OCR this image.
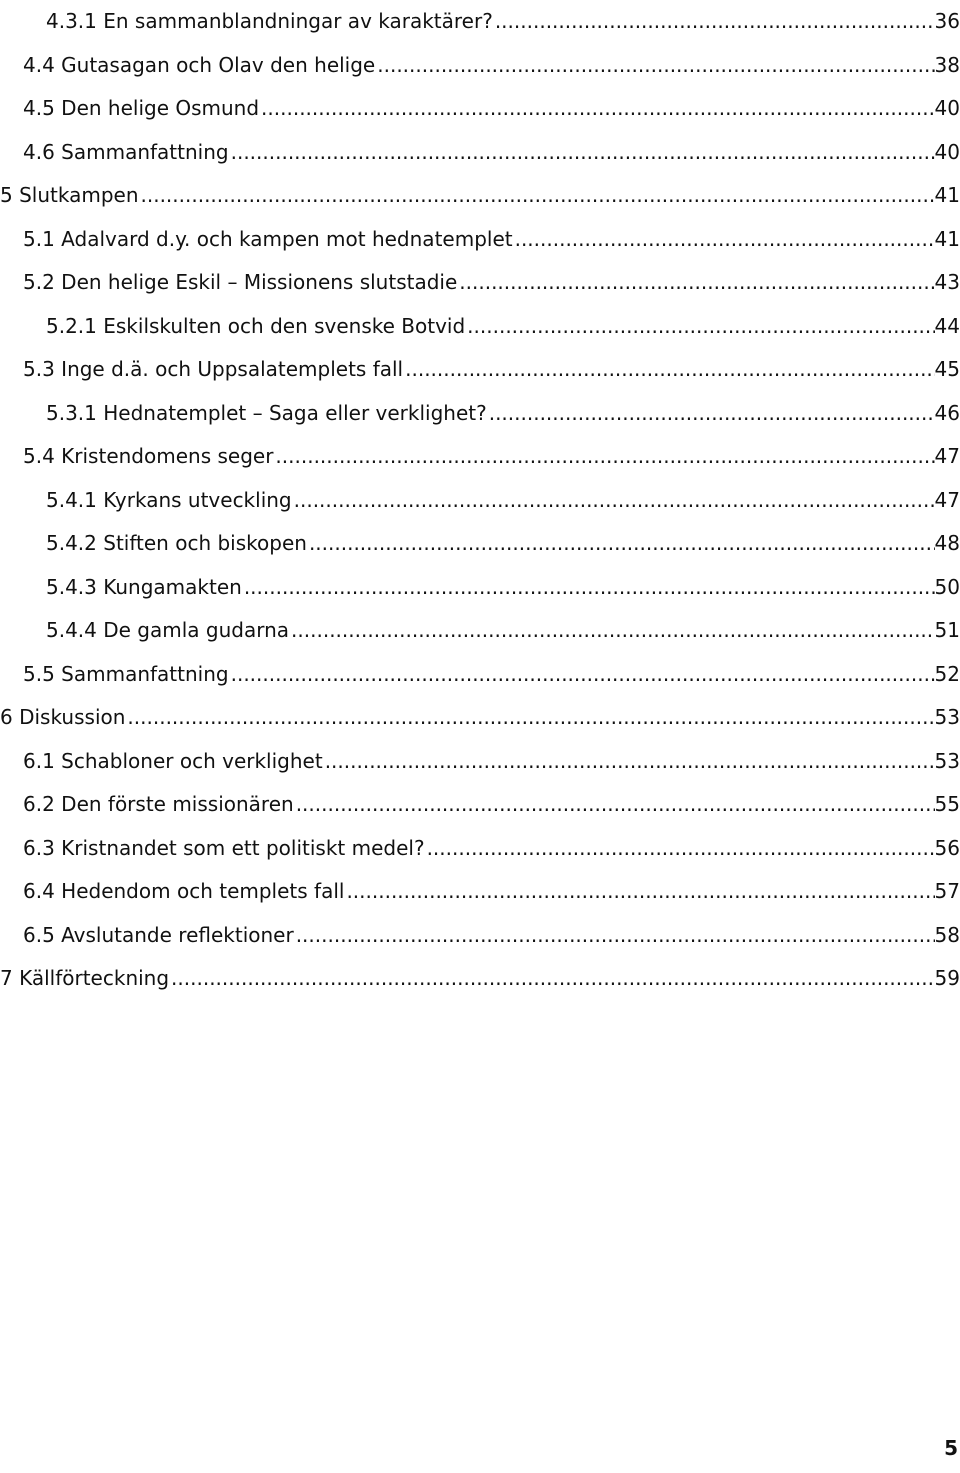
4.3.1 En sammanblandningar av karaktärer? .....	36
4.4 Gutasagan och Olav den helige .....	38
4.5 Den helige Osmund .....	40
4.6 Sammanfattning .....	40
5 Slutkampen .....	41
5.1 Adalvard d.y. och kampen mot hednatemplet .....	41
5.2 Den helige Eskil – Missionens slutstadie .....	43
5.2.1 Eskilskulten och den svenske Botvid .....	44
5.3 Inge d.ä. och Uppsalatemplets fall .....	45
5.3.1 Hednatemplet – Saga eller verklighet? .....	46
5.4 Kristendomens seger .....	47
5.4.1 Kyrkans utveckling .....	47
5.4.2 Stiften och biskopen .....	48
5.4.3 Kungamakten .....	50
5.4.4 De gamla gudarna .....	51
5.5 Sammanfattning .....	52
6 Diskussion .....	53
6.1 Schabloner och verklighet .....	53
6.2 Den förste missionären .....	55
6.3 Kristnandet som ett politiskt medel? .....	56
6.4 Hedendom och templets fall .....	57
6.5 Avslutande reflektioner .....	58
7 Källförteckning .....	59
5
